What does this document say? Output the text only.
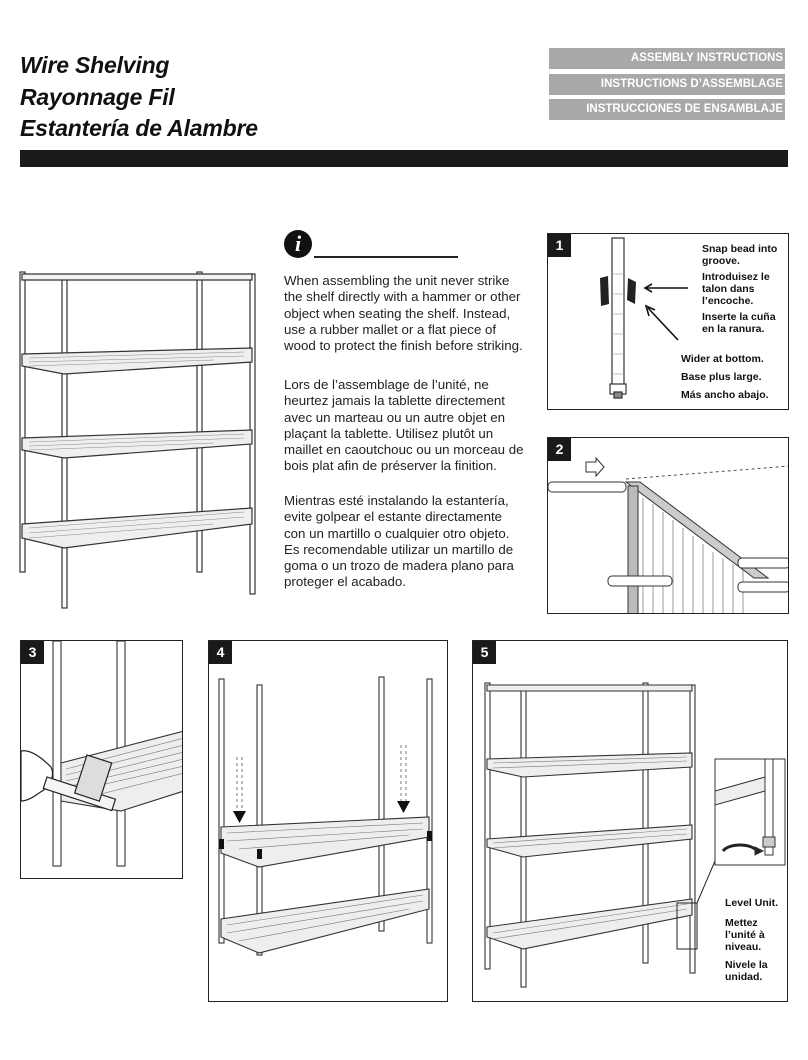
Wire Shelving
Rayonnage Fil
Estantería de Alambre
ASSEMBLY INSTRUCTIONS
INSTRUCTIONS D’ASSEMBLAGE
INSTRUCCIONES DE ENSAMBLAJE
i
When assembling the unit never strike the shelf directly with a hammer or other object when seating the shelf. Instead, use a rubber mallet or a flat piece of wood to protect the finish before striking.
Lors de l’assemblage de l’unité, ne heurtez jamais la tablette directement avec un marteau ou un autre objet en plaçant la tablette. Utilisez plutôt un maillet en caoutchouc ou un morceau de bois plat afin de préserver la finition.
Mientras esté instalando la estantería, evite golpear el estante directamente con un martillo o cualquier otro objeto. Es recomendable utilizar un martillo de goma o un trozo de madera plano para proteger el acabado.
1	Snap bead into groove.
Introduisez le talon dans l’encoche.
Inserte la cuña en la ranura.
Wider at bottom.
Base plus large.
Más ancho abajo.
2
3	4	5
Level Unit.
Mettez l’unité à niveau.
Nivele la unidad.
